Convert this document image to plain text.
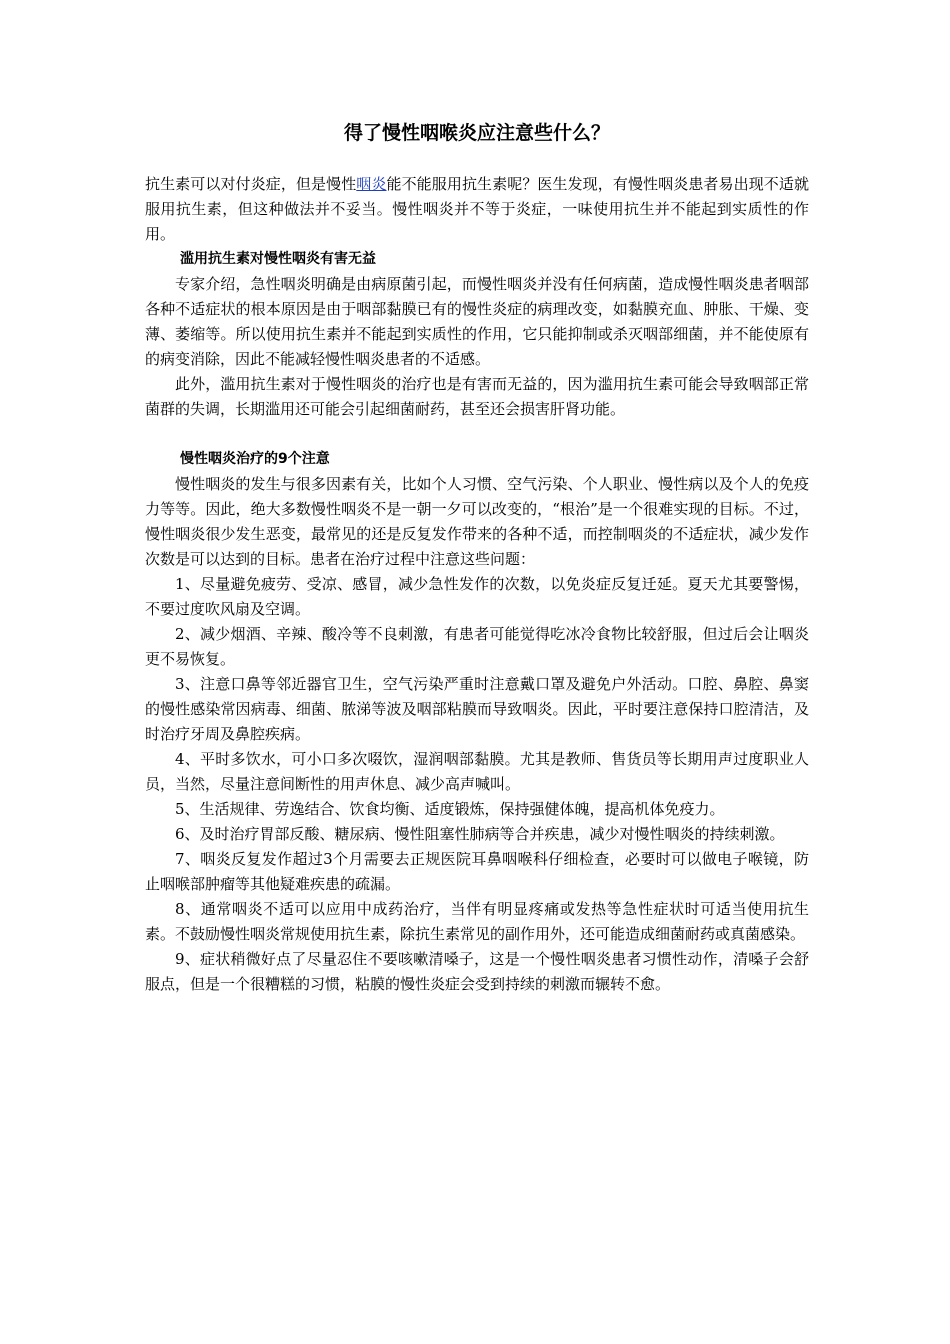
得了慢性咽喉炎应注意些什么？

抗生素可以对付炎症，但是慢性咽炎能不能服用抗生素呢？医生发现，有慢性咽炎患者易出现不适就服用抗生素，但这种做法并不妥当。慢性咽炎并不等于炎症，一味使用抗生并不能起到实质性的作用。

滥用抗生素对慢性咽炎有害无益

专家介绍，急性咽炎明确是由病原菌引起，而慢性咽炎并没有任何病菌，造成慢性咽炎患者咽部各种不适症状的根本原因是由于咽部黏膜已有的慢性炎症的病理改变，如黏膜充血、肿胀、干燥、变薄、萎缩等。所以使用抗生素并不能起到实质性的作用，它只能抑制或杀灭咽部细菌，并不能使原有的病变消除，因此不能减轻慢性咽炎患者的不适感。

此外，滥用抗生素对于慢性咽炎的治疗也是有害而无益的，因为滥用抗生素可能会导致咽部正常菌群的失调，长期滥用还可能会引起细菌耐药，甚至还会损害肝肾功能。

慢性咽炎治疗的9个注意

慢性咽炎的发生与很多因素有关，比如个人习惯、空气污染、个人职业、慢性病以及个人的免疫力等等。因此，绝大多数慢性咽炎不是一朝一夕可以改变的，“根治”是一个很难实现的目标。不过，慢性咽炎很少发生恶变，最常见的还是反复发作带来的各种不适，而控制咽炎的不适症状，减少发作次数是可以达到的目标。患者在治疗过程中注意这些问题：

1、尽量避免疲劳、受凉、感冒，减少急性发作的次数，以免炎症反复迁延。夏天尤其要警惕，不要过度吹风扇及空调。

2、减少烟酒、辛辣、酸冷等不良刺激，有患者可能觉得吃冰冷食物比较舒服，但过后会让咽炎更不易恢复。

3、注意口鼻等邻近器官卫生，空气污染严重时注意戴口罩及避免户外活动。口腔、鼻腔、鼻窦的慢性感染常因病毒、细菌、脓涕等波及咽部粘膜而导致咽炎。因此，平时要注意保持口腔清洁，及时治疗牙周及鼻腔疾病。

4、平时多饮水，可小口多次啜饮，湿润咽部黏膜。尤其是教师、售货员等长期用声过度职业人员，当然，尽量注意间断性的用声休息、减少高声喊叫。

5、生活规律、劳逸结合、饮食均衡、适度锻炼，保持强健体魄，提高机体免疫力。

6、及时治疗胃部反酸、糖尿病、慢性阻塞性肺病等合并疾患，减少对慢性咽炎的持续刺激。

7、咽炎反复发作超过3个月需要去正规医院耳鼻咽喉科仔细检查，必要时可以做电子喉镜，防止咽喉部肿瘤等其他疑难疾患的疏漏。

8、通常咽炎不适可以应用中成药治疗，当伴有明显疼痛或发热等急性症状时可适当使用抗生素。不鼓励慢性咽炎常规使用抗生素，除抗生素常见的副作用外，还可能造成细菌耐药或真菌感染。

9、症状稍微好点了尽量忍住不要咳嗽清嗓子，这是一个慢性咽炎患者习惯性动作，清嗓子会舒服点，但是一个很糟糕的习惯，粘膜的慢性炎症会受到持续的刺激而辗转不愈。
